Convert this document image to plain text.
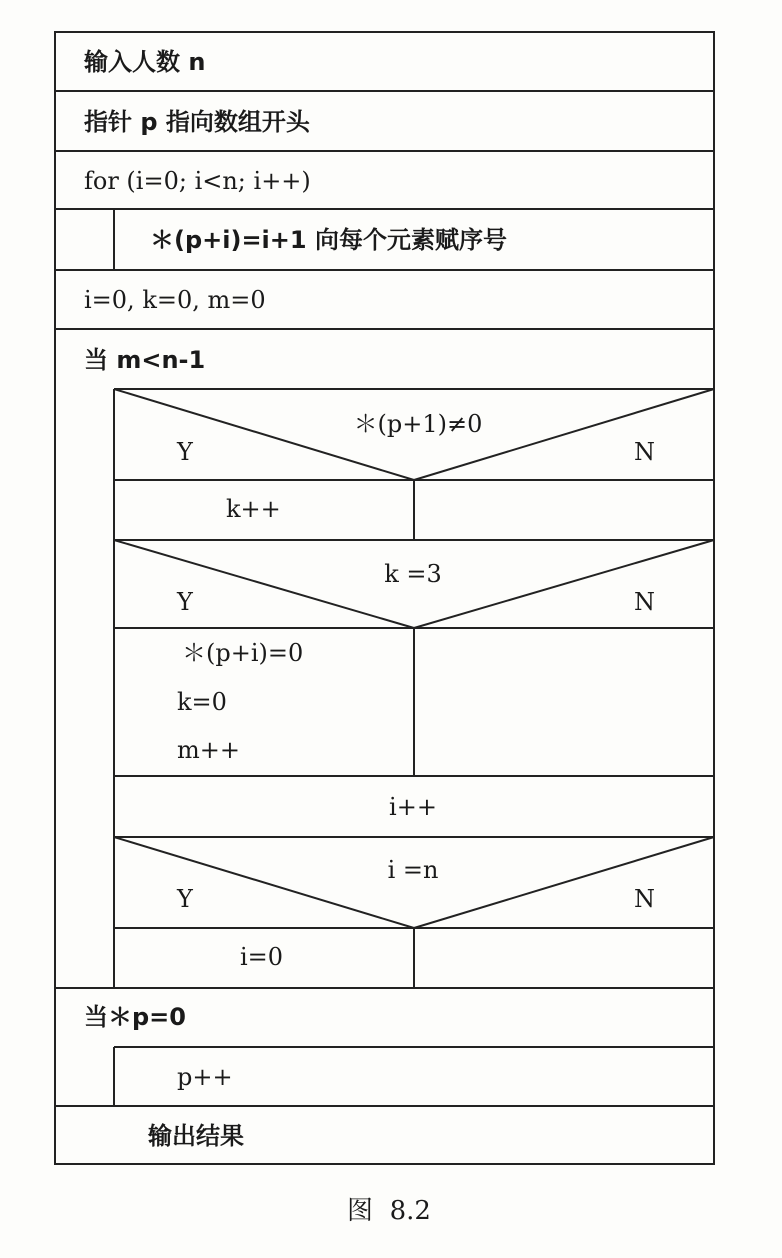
输入人数 n
指针 p 指向数组开头
for (i=0; i<n; i++)
＊(p+i)=i+1 向每个元素赋序号
i=0, k=0, m=0
当 m<n-1
＊(p+1)≠0
Y	N
k++
k =3
Y	N
＊(p+i)=0
k=0
m++
i++
i =n
Y	N
i=0
当＊p=0
p++
输出结果
图  8.2
